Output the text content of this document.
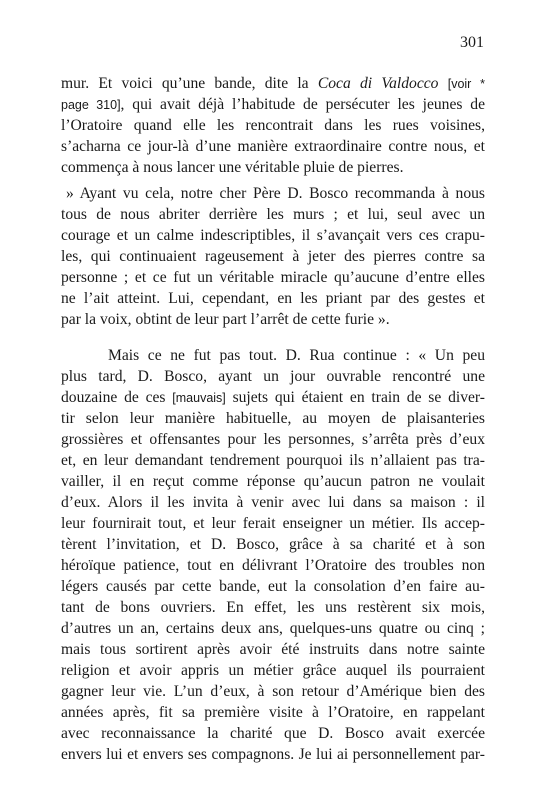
301
mur. Et voici qu’une bande, dite la Coca di Valdocco [voir *
page 310], qui avait déjà l’habitude de persécuter les jeunes de
l’Oratoire quand elle les rencontrait dans les rues voisines,
s’acharna ce jour-là d’une manière extraordinaire contre nous, et
commença à nous lancer une véritable pluie de pierres.
» Ayant vu cela, notre cher Père D. Bosco recommanda à nous
tous de nous abriter derrière les murs ; et lui, seul avec un
courage et un calme indescriptibles, il s’avançait vers ces crapu-
les, qui continuaient rageusement à jeter des pierres contre sa
personne ; et ce fut un véritable miracle qu’aucune d’entre elles
ne l’ait atteint. Lui, cependant, en les priant par des gestes et
par la voix, obtint de leur part l’arrêt de cette furie ».
Mais ce ne fut pas tout. D. Rua continue : « Un peu
plus tard, D. Bosco, ayant un jour ouvrable rencontré une
douzaine de ces [mauvais] sujets qui étaient en train de se diver-
tir selon leur manière habituelle, au moyen de plaisanteries
grossières et offensantes pour les personnes, s’arrêta près d’eux
et, en leur demandant tendrement pourquoi ils n’allaient pas tra-
vailler, il en reçut comme réponse qu’aucun patron ne voulait
d’eux. Alors il les invita à venir avec lui dans sa maison : il
leur fournirait tout, et leur ferait enseigner un métier. Ils accep-
tèrent l’invitation, et D. Bosco, grâce à sa charité et à son
héroïque patience, tout en délivrant l’Oratoire des troubles non
légers causés par cette bande, eut la consolation d’en faire au-
tant de bons ouvriers. En effet, les uns restèrent six mois,
d’autres un an, certains deux ans, quelques-uns quatre ou cinq ;
mais tous sortirent après avoir été instruits dans notre sainte
religion et avoir appris un métier grâce auquel ils pourraient
gagner leur vie. L’un d’eux, à son retour d’Amérique bien des
années après, fit sa première visite à l’Oratoire, en rappelant
avec reconnaissance la charité que D. Bosco avait exercée
envers lui et envers ses compagnons. Je lui ai personnellement par-
